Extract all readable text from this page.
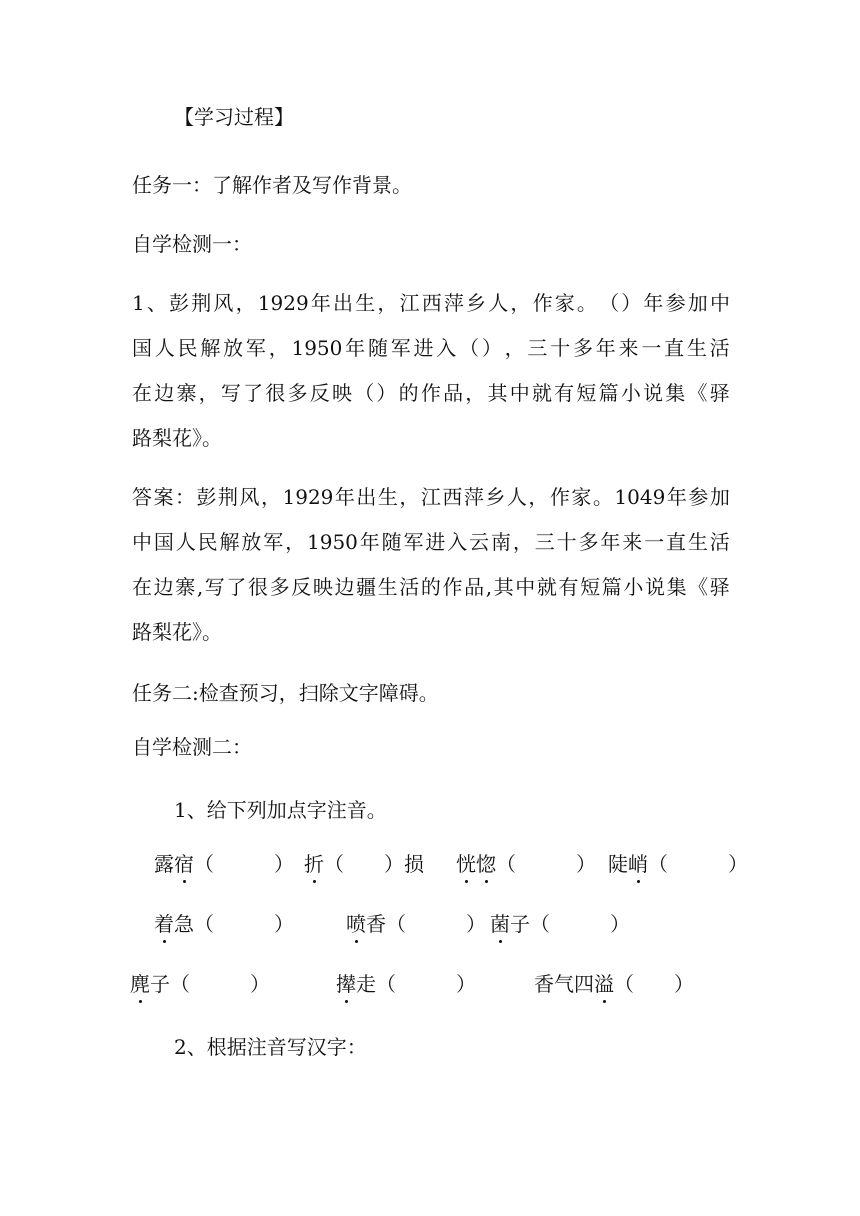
【学习过程】
任务一：了解作者及写作背景。
自学检测一：
1 、 彭 荆 风 ， 1929 年 出 生 ， 江 西 萍 乡 人 ， 作 家 。 （ ） 年 参 加 中
国 人 民 解 放 军 ， 1950 年 随 军 进 入 （ ） ， 三 十 多 年 来 一 直 生 活
在 边 寨 ， 写 了 很 多 反 映 （ ） 的 作 品 ， 其 中 就 有 短 篇 小 说 集 《 驿
路梨花》。
答 案 ： 彭 荆 风 ， 1929 年 出 生 ， 江 西 萍 乡 人 ， 作 家 。 1049 年 参 加
中 国 人 民 解 放 军 ， 1950 年 随 军 进 入 云 南 ， 三 十 多 年 来 一 直 生 活
在 边 寨 , 写 了 很 多 反 映 边 疆 生 活 的 作 品 , 其 中 就 有 短 篇 小 说 集 《 驿
路梨花》。
任务二:检查预习，扫除文字障碍。
自学检测二：
1、给下列加点字注音。
露宿（　　　） 折（　　）损 恍惚（　　　） 陡峭（　　　）
着急（　　　）	喷香（　　　） 菌子（　　　）
麂子（　　　）	撵走（　　　）	香气四溢（　　）
2、根据注音写汉字：
